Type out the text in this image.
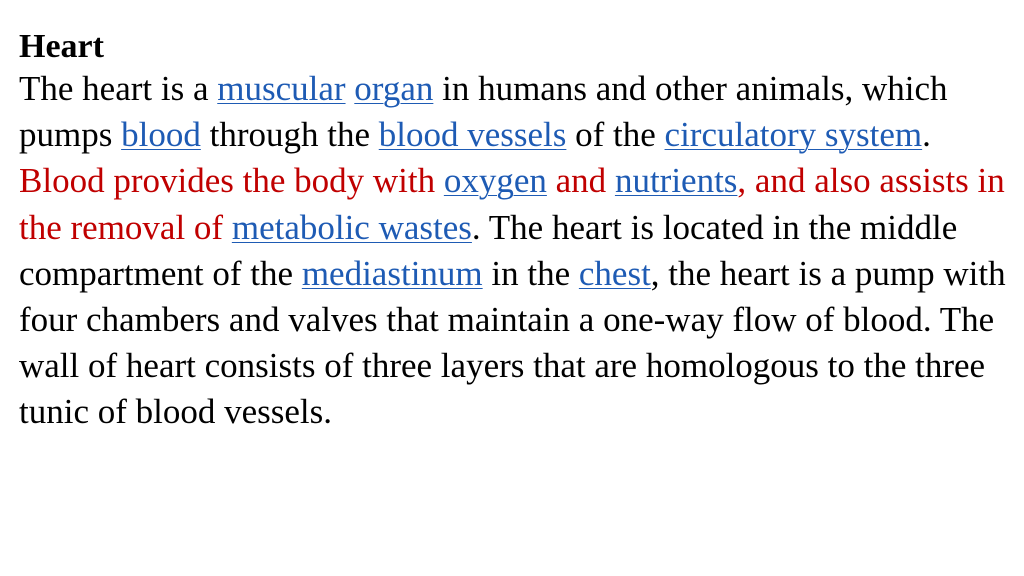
Heart

The heart is a muscular organ in humans and other animals, which pumps blood through the blood vessels of the circulatory system. Blood provides the body with oxygen and nutrients, and also assists in the removal of metabolic wastes. The heart is located in the middle compartment of the mediastinum in the chest, the heart is a pump with four chambers and valves that maintain a one-way flow of blood. The wall of heart consists of three layers that are homologous to the three tunic of blood vessels.
